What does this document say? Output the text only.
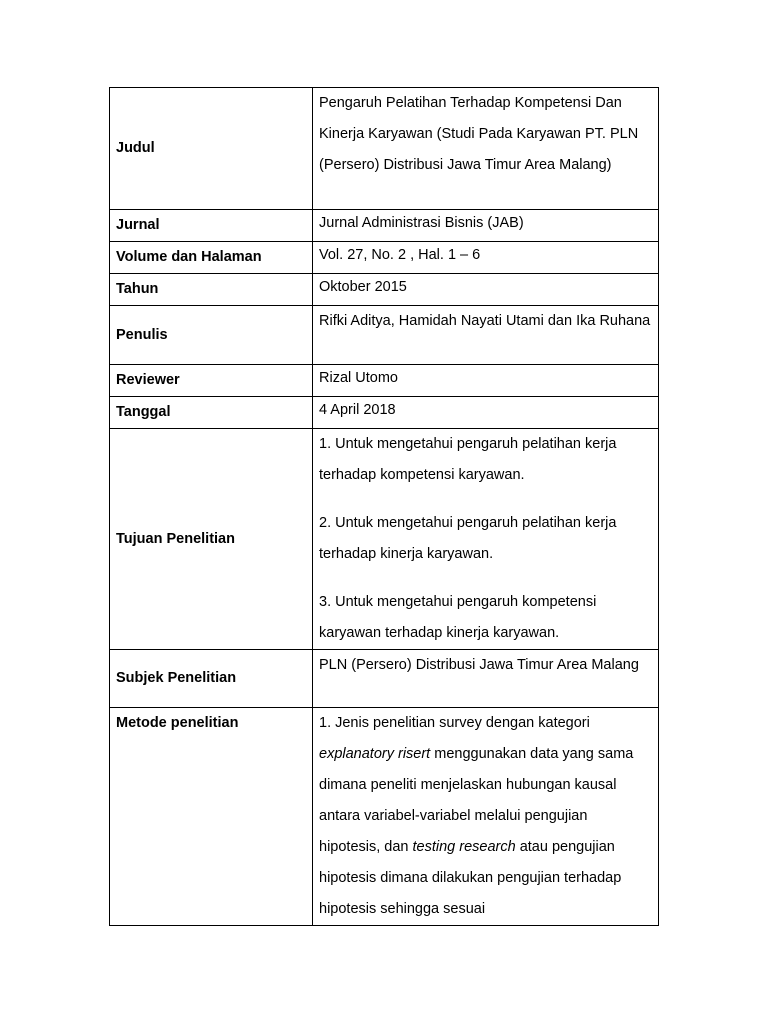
Judul	Pengaruh Pelatihan Terhadap Kompetensi Dan Kinerja Karyawan (Studi Pada Karyawan PT. PLN (Persero) Distribusi Jawa Timur Area Malang)
Jurnal	Jurnal Administrasi Bisnis (JAB)
Volume dan Halaman	Vol. 27, No. 2 , Hal. 1 – 6
Tahun	Oktober 2015
Penulis	Rifki Aditya, Hamidah Nayati Utami dan Ika Ruhana
Reviewer	Rizal Utomo
Tanggal	4 April 2018
Tujuan Penelitian	1. Untuk mengetahui pengaruh pelatihan kerja terhadap kompetensi karyawan.
2. Untuk mengetahui pengaruh pelatihan kerja terhadap kinerja karyawan.
3. Untuk mengetahui pengaruh kompetensi karyawan terhadap kinerja karyawan.

Subjek Penelitian	PLN (Persero) Distribusi Jawa Timur Area Malang
Metode penelitian	1. Jenis penelitian survey dengan kategori explanatory risert menggunakan data yang sama dimana peneliti menjelaskan hubungan kausal antara variabel-variabel melalui pengujian hipotesis, dan testing research atau pengujian hipotesis dimana dilakukan pengujian terhadap hipotesis sehingga sesuai
